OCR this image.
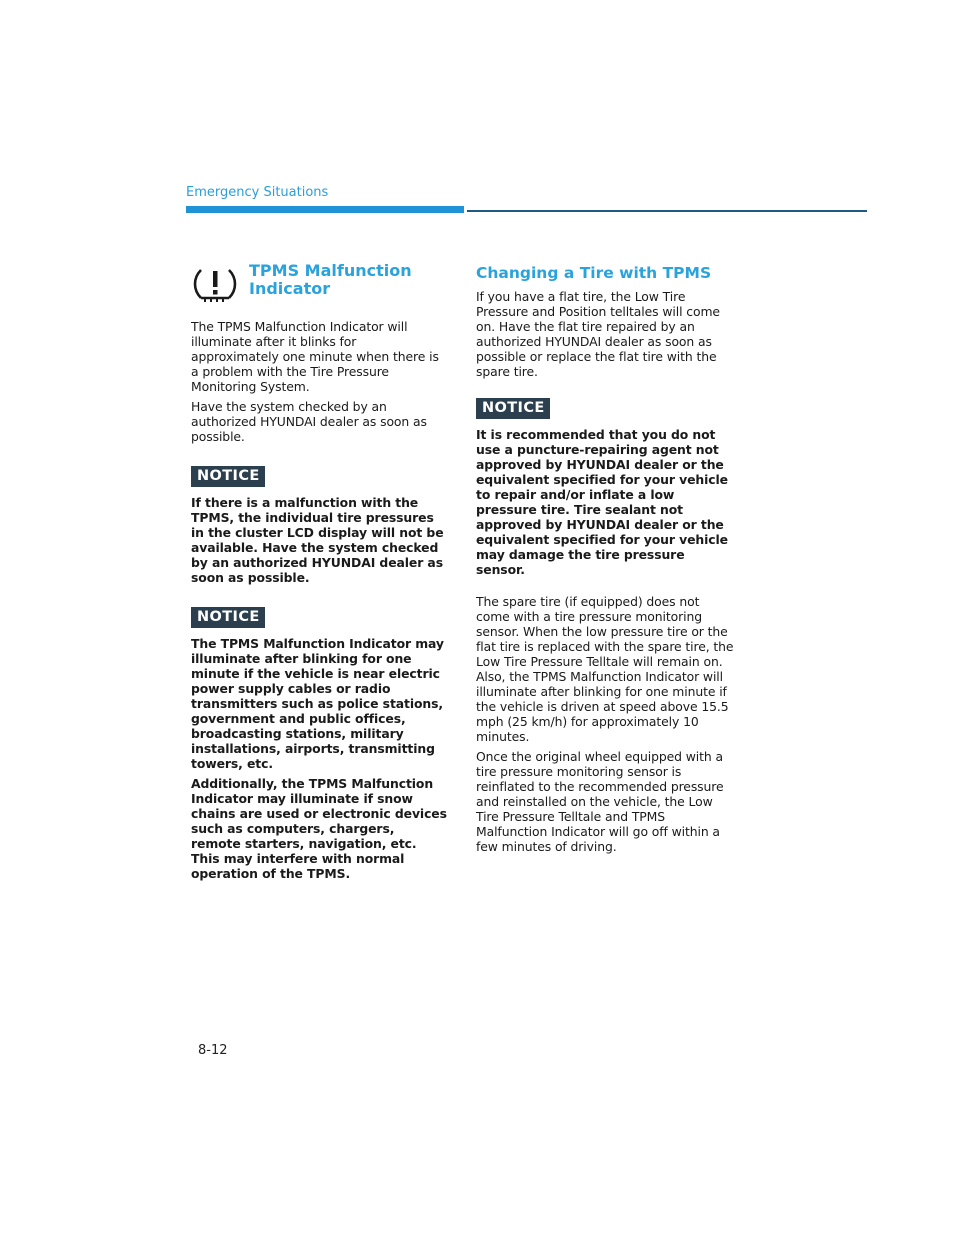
Emergency Situations
TPMS Malfunction
Indicator

The TPMS Malfunction Indicator will illuminate after it blinks for approximately one minute when there is a problem with the Tire Pressure Monitoring System.

Have the system checked by an authorized HYUNDAI dealer as soon as possible.

NOTICE

If there is a malfunction with the TPMS, the individual tire pressures in the cluster LCD display will not be available. Have the system checked by an authorized HYUNDAI dealer as soon as possible.

NOTICE

The TPMS Malfunction Indicator may illuminate after blinking for one minute if the vehicle is near electric power supply cables or radio transmitters such as police stations, government and public offices, broadcasting stations, military installations, airports, transmitting towers, etc.

Additionally, the TPMS Malfunction Indicator may illuminate if snow chains are used or electronic devices such as computers, chargers, remote starters, navigation, etc. This may interfere with normal operation of the TPMS.

Changing a Tire with TPMS

If you have a flat tire, the Low Tire Pressure and Position telltales will come on. Have the flat tire repaired by an authorized HYUNDAI dealer as soon as possible or replace the flat tire with the spare tire.

NOTICE

It is recommended that you do not use a puncture-repairing agent not approved by HYUNDAI dealer or the equivalent specified for your vehicle to repair and/or inflate a low pressure tire. Tire sealant not approved by HYUNDAI dealer or the equivalent specified for your vehicle may damage the tire pressure sensor.

The spare tire (if equipped) does not come with a tire pressure monitoring sensor. When the low pressure tire or the flat tire is replaced with the spare tire, the Low Tire Pressure Telltale will remain on. Also, the TPMS Malfunction Indicator will illuminate after blinking for one minute if the vehicle is driven at speed above 15.5 mph (25 km/h) for approximately 10 minutes.

Once the original wheel equipped with a tire pressure monitoring sensor is reinflated to the recommended pressure and reinstalled on the vehicle, the Low Tire Pressure Telltale and TPMS Malfunction Indicator will go off within a few minutes of driving.

8-12
